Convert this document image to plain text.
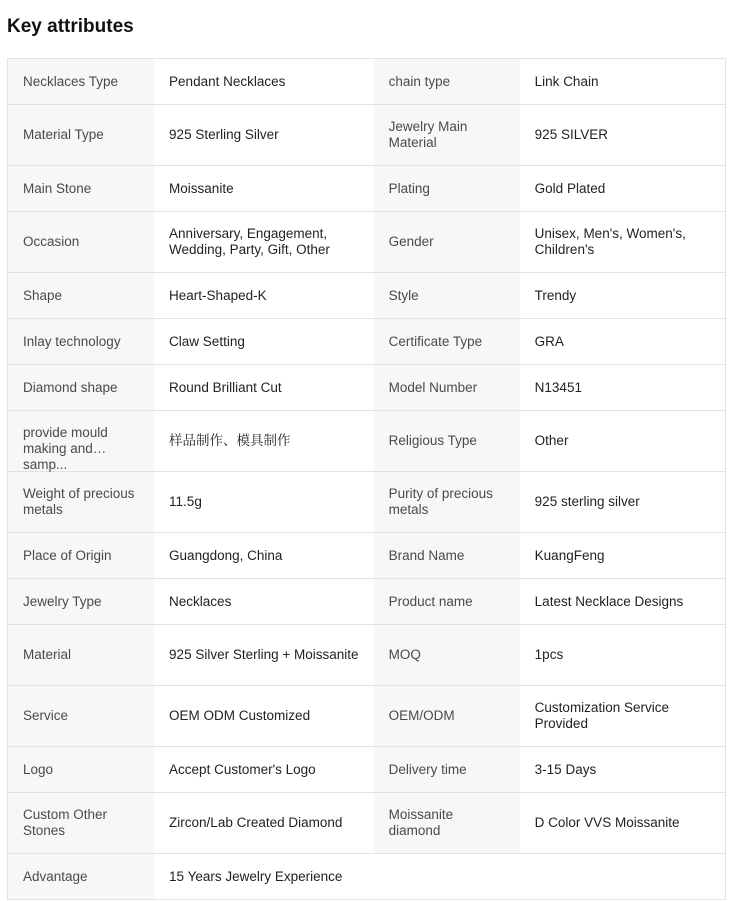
Key attributes
Necklaces Type	Pendant Necklaces	chain type	Link Chain

Material Type	925 Sterling Silver	Jewelry Main Material	925 SILVER

Main Stone	Moissanite	Plating	Gold Plated

Occasion	Anniversary, Engagement, Wedding, Party, Gift, Other	Gender	Unisex, Men's, Women's, Children's

Shape	Heart-Shaped-K	Style	Trendy

Inlay technology	Claw Setting	Certificate Type	GRA

Diamond shape	Round Brilliant Cut	Model Number	N13451

provide mould making and samp...	样品制作、模具制作	Religious Type	Other

Weight of precious metals	11.5g	Purity of precious metals	925 sterling silver

Place of Origin	Guangdong, China	Brand Name	KuangFeng

Jewelry Type	Necklaces	Product name	Latest Necklace Designs

Material	925 Silver Sterling + Moissanite	MOQ	1pcs

Service	OEM ODM Customized	OEM/ODM	Customization Service Provided

Logo	Accept Customer's Logo	Delivery time	3-15 Days

Custom Other Stones	Zircon/Lab Created Diamond	Moissanite diamond	D Color VVS Moissanite

Advantage	15 Years Jewelry Experience		
